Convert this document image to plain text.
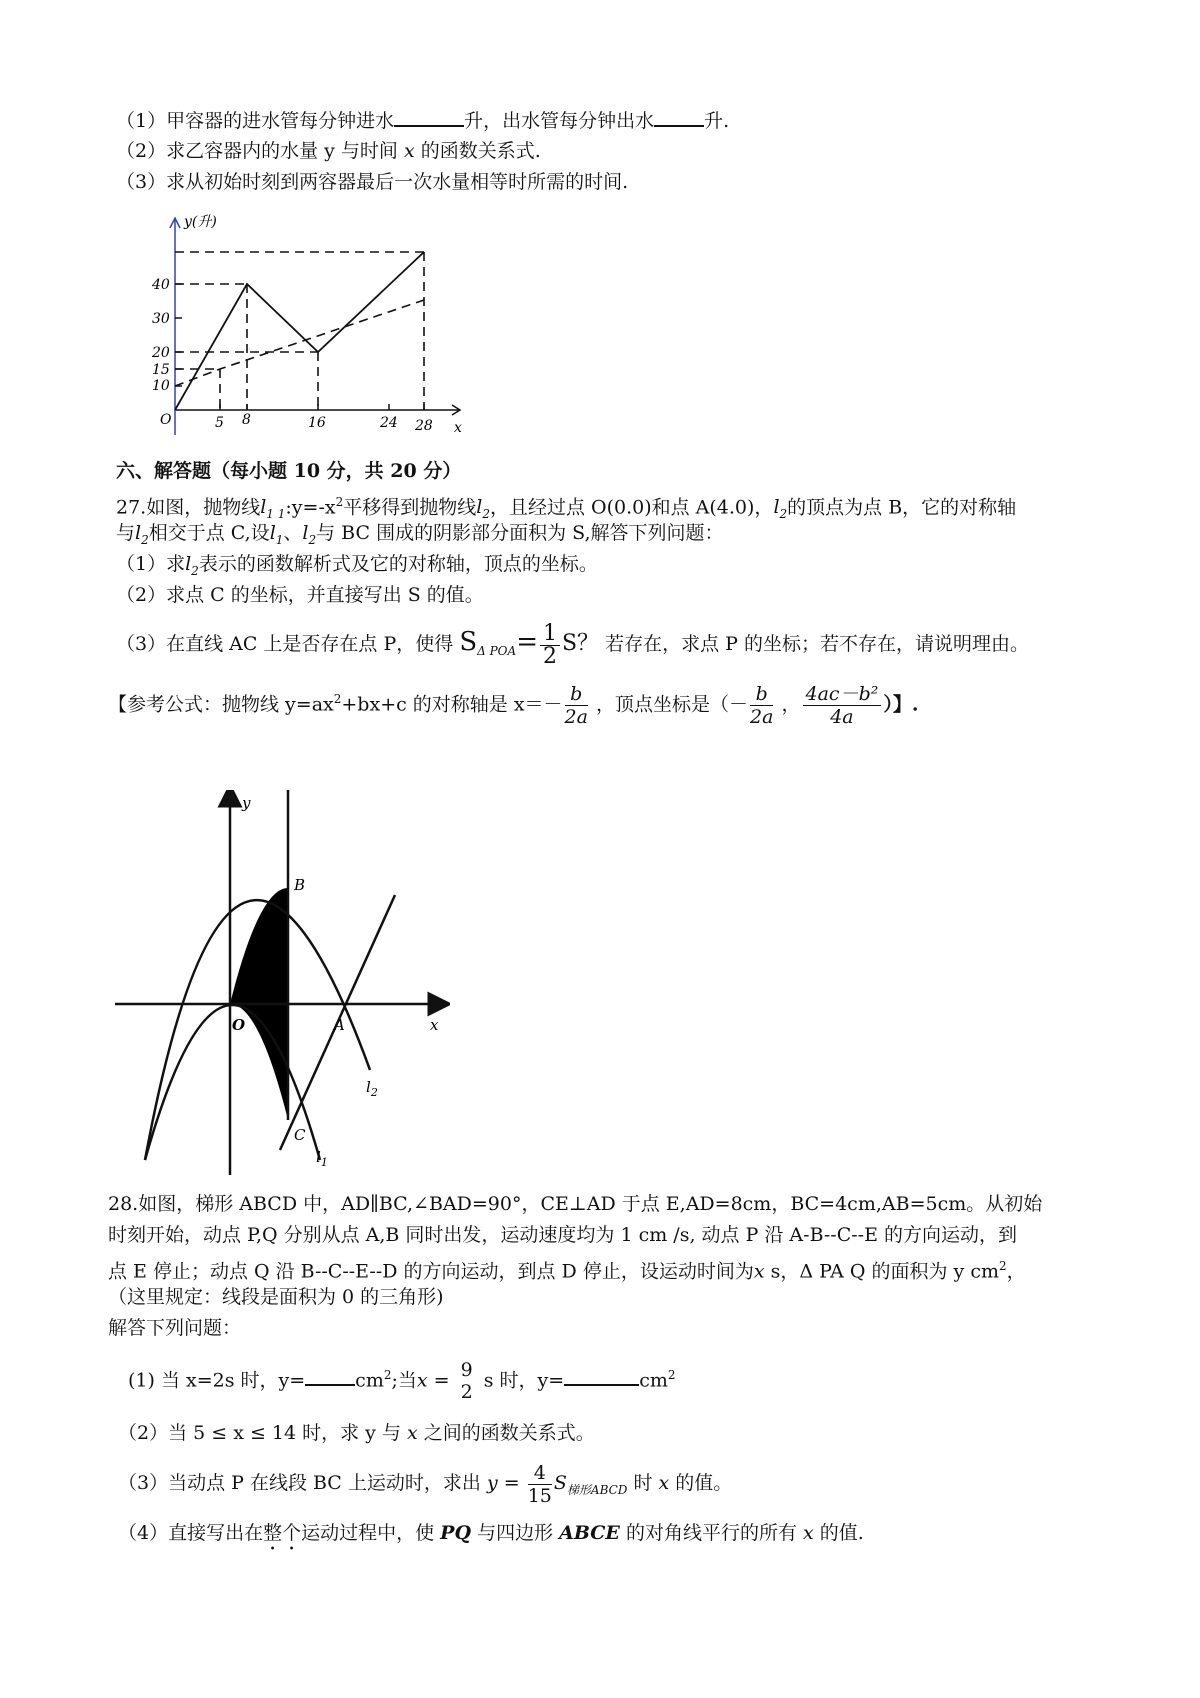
（1）甲容器的进水管每分钟进水	升，出水管每分钟出水	升.
（2）求乙容器内的水量 y 与时间 x 的函数关系式.
（3）求从初始时刻到两容器最后一次水量相等时所需的时间.
y(升)
x
O
40
30
20
15
10
5 8	16	24 28
六、解答题（每小题 10 分，共 20 分）
27.如图，抛物线$l_{1 1}:y=-x^2$平移得到抛物线$l_2$，且经过点 O(0.0)和点 A(4.0)，$l_2$的顶点为点 B，它的对称轴
与$l_2$相交于点 C,设$l_1$、$l_2$与 BC 围成的阴影部分面积为 S,解答下列问题：
（1）求$l_2$表示的函数解析式及它的对称轴，顶点的坐标。
（2）求点 C 的坐标，并直接写出 S 的值。
（3）在直线 AC 上是否存在点 P，使得 $S_{\Delta POA}= \frac{1}{2}$ S？ 若存在，求点 P 的坐标；若不存在，请说明理由。
【参考公式：抛物线 $y=ax^2+bx+c$ 的对称轴是 $x=- \frac{b}{2a}$ ，顶点坐标是（－ $\frac{b}{2a}$ ， $\frac{\text{4ac－b²}}{4a}$ ）】.
O	A
B
C
y
x
$l_2$
$l_1$
28.如图，梯形 ABCD 中，AD∥BC,∠BAD=90°，CE⊥AD 于点 E,AD=8cm，BC=4cm,AB=5cm。从初始
时刻开始，动点 P,Q 分别从点 A,B 同时出发，运动速度均为 1 cm /s, 动点 P 沿 A-B--C--E 的方向运动，到
点 E 停止；动点 Q 沿 B--C--E--D 的方向运动，到点 D 停止，设运动时间为x s，Δ PA Q 的面积为 y $cm^2$，
（这里规定：线段是面积为 0 的三角形)
解答下列问题：
(1) 当 x=2s 时，y=	$cm^2$;当x = 9
2
s 时，y=	$cm^2$
（2）当 5 ≤ x ≤ 14 时，求 y 与 x 之间的函数关系式。
（3）当动点 P 在线段 BC 上运动时，求出 $y = \frac{4}{15} S_{梯形ABCD}$ 时 x 的值。
（4）直接写出在整个运动过程中，使 PQ 与四边形 ABCE 的对角线平行的所有 x 的值.
